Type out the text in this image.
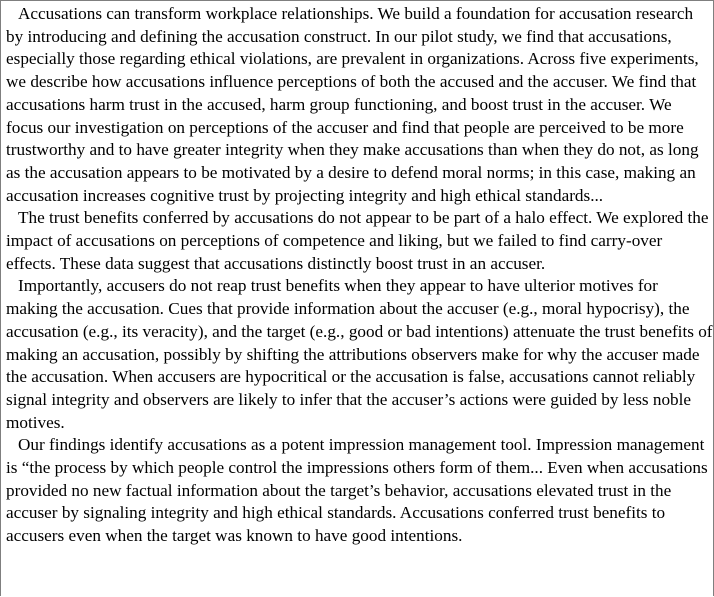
Accusations can transform workplace relationships. We build a foundation for accusation research by introducing and defining the accusation construct. In our pilot study, we find that accusations, especially those regarding ethical violations, are prevalent in organizations. Across five experiments, we describe how accusations influence perceptions of both the accused and the accuser. We find that accusations harm trust in the accused, harm group functioning, and boost trust in the accuser. We focus our investigation on perceptions of the accuser and find that people are perceived to be more trustworthy and to have greater integrity when they make accusations than when they do not, as long as the accusation appears to be motivated by a desire to defend moral norms; in this case, making an accusation increases cognitive trust by projecting integrity and high ethical standards...

The trust benefits conferred by accusations do not appear to be part of a halo effect. We explored the impact of accusations on perceptions of competence and liking, but we failed to find carry-over effects. These data suggest that accusations distinctly boost trust in an accuser.

Importantly, accusers do not reap trust benefits when they appear to have ulterior motives for making the accusation. Cues that provide information about the accuser (e.g., moral hypocrisy), the accusation (e.g., its veracity), and the target (e.g., good or bad intentions) attenuate the trust benefits of making an accusation, possibly by shifting the attributions observers make for why the accuser made the accusation. When accusers are hypocritical or the accusation is false, accusations cannot reliably signal integrity and observers are likely to infer that the accuser’s actions were guided by less noble motives.

Our findings identify accusations as a potent impression management tool. Impression management is “the process by which people control the impressions others form of them... Even when accusations provided no new factual information about the target’s behavior, accusations elevated trust in the accuser by signaling integrity and high ethical standards. Accusations conferred trust benefits to accusers even when the target was known to have good intentions.
